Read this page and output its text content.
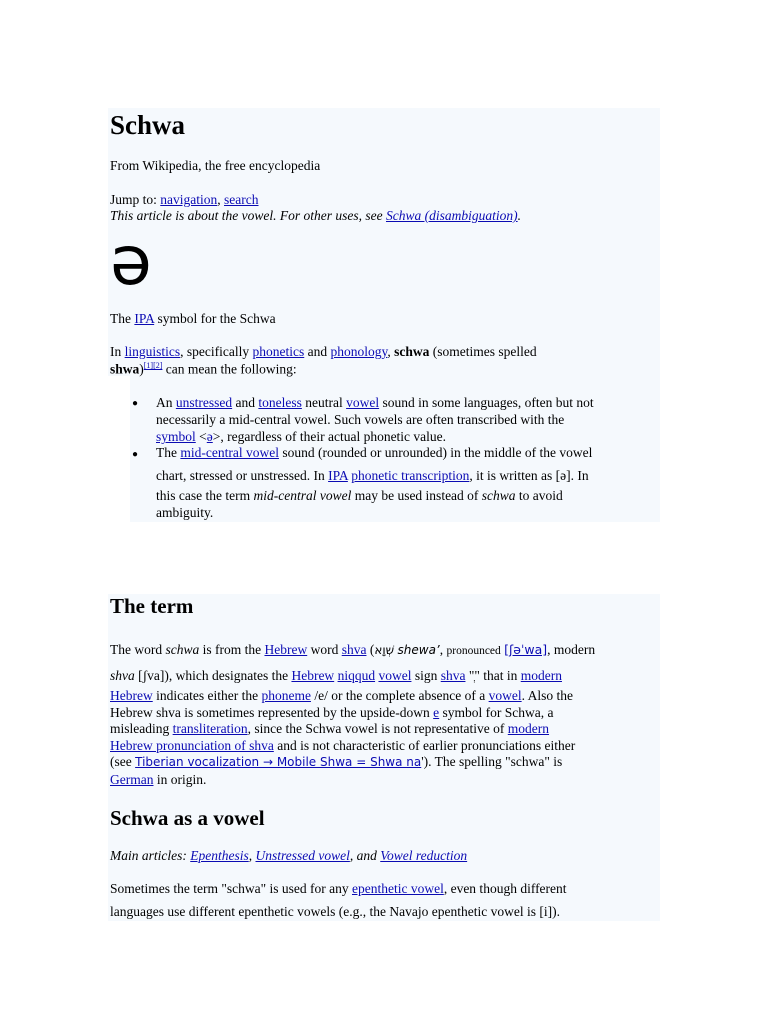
Schwa
From Wikipedia, the free encyclopedia
Jump to: navigation, search
This article is about the vowel. For other uses, see Schwa (disambiguation).
ə
The IPA symbol for the Schwa
In linguistics, specifically phonetics and phonology, schwa (sometimes spelled
shwa)[1][2] can mean the following:
● An unstressed and toneless neutral vowel sound in some languages, often but not
necessarily a mid-central vowel. Such vowels are often transcribed with the
symbol <ə>, regardless of their actual phonetic value.
● The mid-central vowel sound (rounded or unrounded) in the middle of the vowel
chart, stressed or unstressed. In IPA phonetic transcription, it is written as [ə]. In
this case the term mid-central vowel may be used instead of schwa to avoid
ambiguity.
The term
The word schwa is from the Hebrew word shva (שְׁוָא shewa’, pronounced [ʃəˈwa], modern
shva [ʃva]), which designates the Hebrew niqqud vowel sign shva "ְ" that in modern
Hebrew indicates either the phoneme /e/ or the complete absence of a vowel. Also the
Hebrew shva is sometimes represented by the upside-down e symbol for Schwa, a
misleading transliteration, since the Schwa vowel is not representative of modern
Hebrew pronunciation of shva and is not characteristic of earlier pronunciations either
(see Tiberian vocalization → Mobile Shwa = Shwa na'). The spelling "schwa" is
German in origin.
Schwa as a vowel
Main articles: Epenthesis, Unstressed vowel, and Vowel reduction
Sometimes the term "schwa" is used for any epenthetic vowel, even though different
languages use different epenthetic vowels (e.g., the Navajo epenthetic vowel is [i]).
